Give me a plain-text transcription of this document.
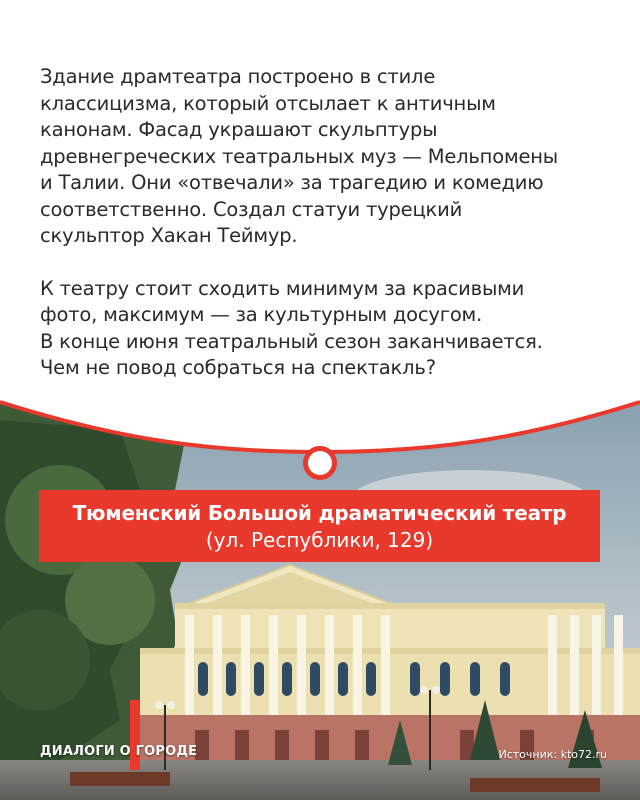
Здание драмтеатра построено в стиле
классицизма, который отсылает к античным
канонам. Фасад украшают скульптуры
древнегреческих театральных муз — Мельпомены
и Талии. Они «отвечали» за трагедию и комедию
соответственно. Создал статуи турецкий
скульптор Хакан Теймур.

К театру стоит сходить минимум за красивыми
фото, максимум — за культурным досугом.
В конце июня театральный сезон заканчивается.
Чем не повод собраться на спектакль?

Тюменский Большой драматический театр
(ул. Республики, 129)
ДИАЛОГИ О ГОРОДЕ	Источник: kto72.ru
